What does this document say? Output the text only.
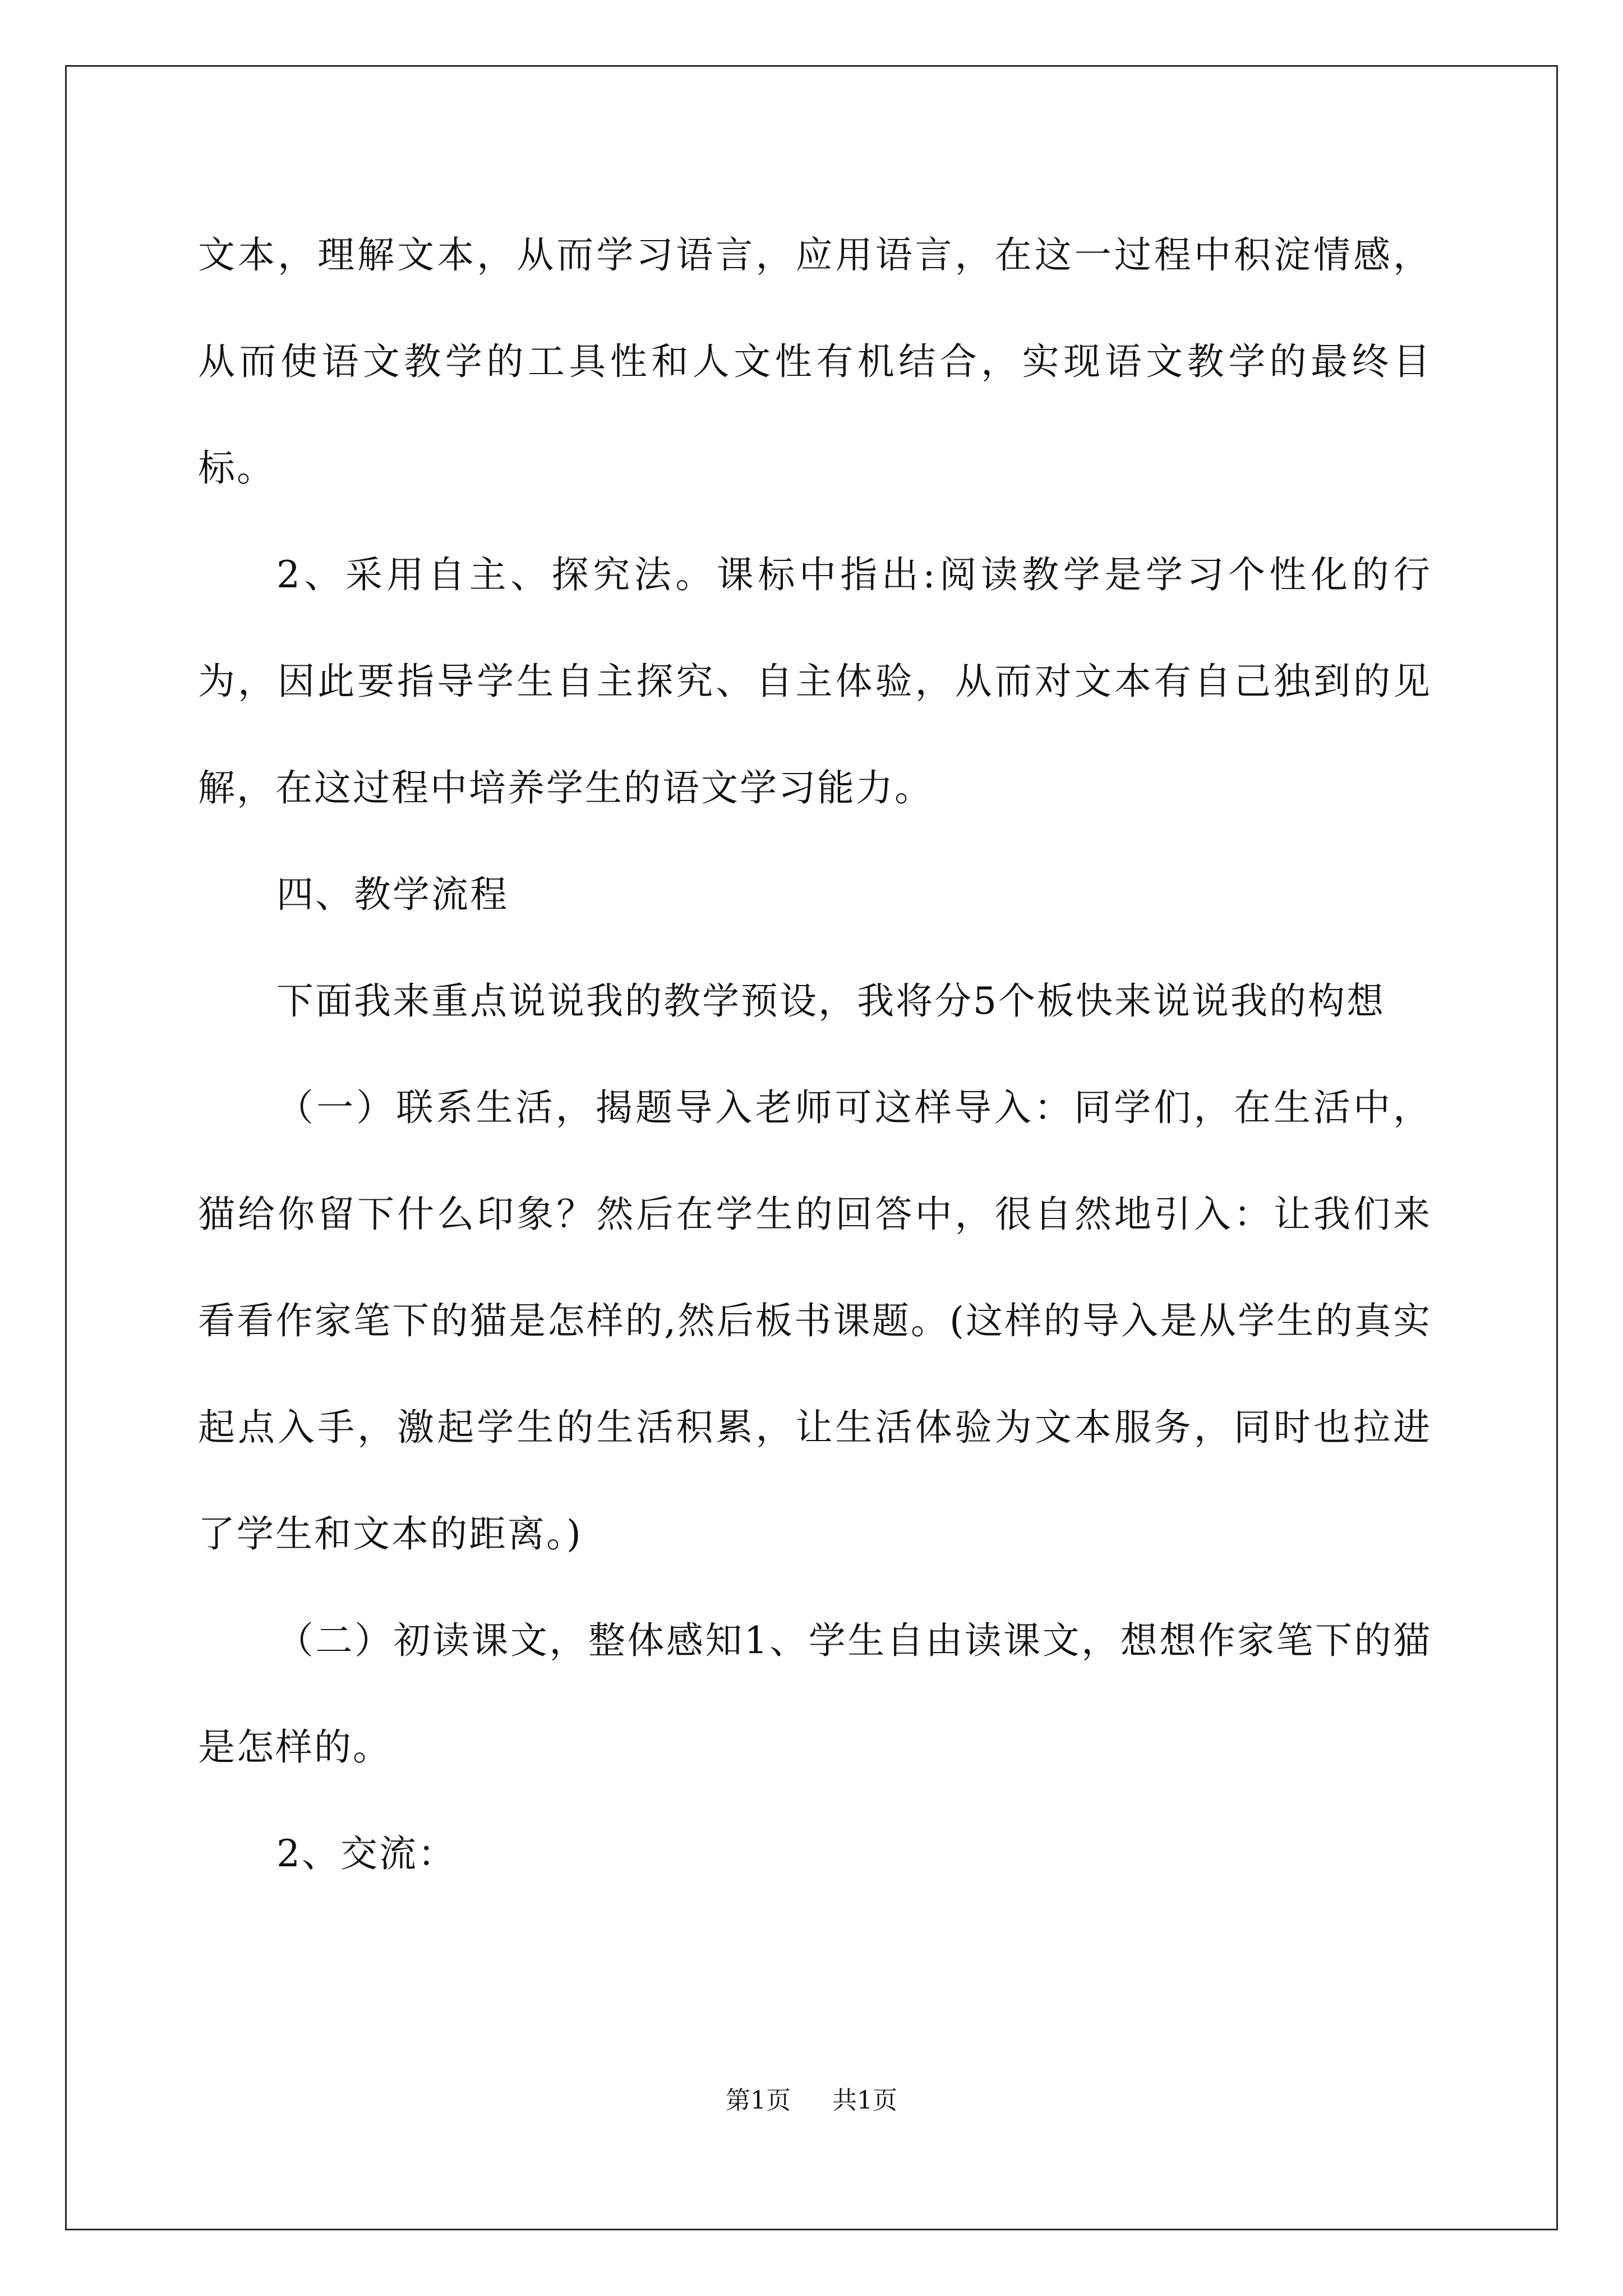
文本，理解文本，从而学习语言，应用语言，在这一过程中积淀情感，从而使语文教学的工具性和人文性有机结合，实现语文教学的最终目标。

2、采用自主、探究法。课标中指出:阅读教学是学习个性化的行为，因此要指导学生自主探究、自主体验，从而对文本有自己独到的见解，在这过程中培养学生的语文学习能力。

四、教学流程

下面我来重点说说我的教学预设，我将分5个板快来说说我的构想

（一）联系生活，揭题导入老师可这样导入：同学们，在生活中，猫给你留下什么印象？然后在学生的回答中，很自然地引入：让我们来看看作家笔下的猫是怎样的,然后板书课题。(这样的导入是从学生的真实起点入手，激起学生的生活积累，让生活体验为文本服务，同时也拉进了学生和文本的距离。)

（二）初读课文，整体感知1、学生自由读课文，想想作家笔下的猫是怎样的。

2、交流：

第1页 共1页
